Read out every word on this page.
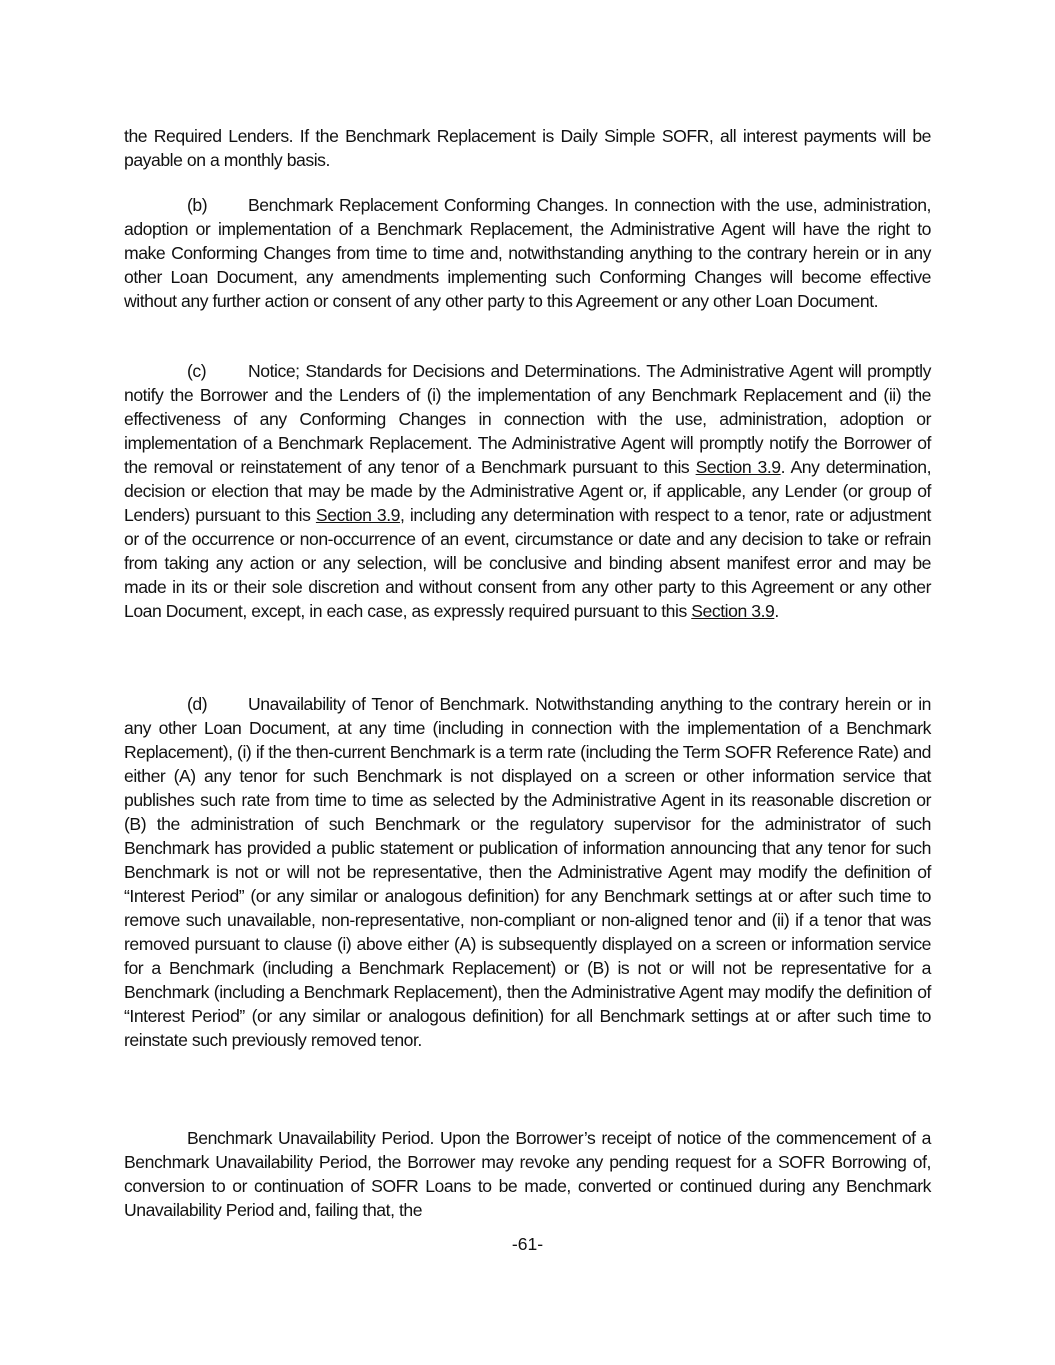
the Required Lenders. If the Benchmark Replacement is Daily Simple SOFR, all interest payments will be payable on a monthly basis.

(b) Benchmark Replacement Conforming Changes. In connection with the use, administration, adoption or implementation of a Benchmark Replacement, the Administrative Agent will have the right to make Conforming Changes from time to time and, notwithstanding anything to the contrary herein or in any other Loan Document, any amendments implementing such Conforming Changes will become effective without any further action or consent of any other party to this Agreement or any other Loan Document.

(c) Notice; Standards for Decisions and Determinations. The Administrative Agent will promptly notify the Borrower and the Lenders of (i) the implementation of any Benchmark Replacement and (ii) the effectiveness of any Conforming Changes in connection with the use, administration, adoption or implementation of a Benchmark Replacement. The Administrative Agent will promptly notify the Borrower of the removal or reinstatement of any tenor of a Benchmark pursuant to this Section 3.9. Any determination, decision or election that may be made by the Administrative Agent or, if applicable, any Lender (or group of Lenders) pursuant to this Section 3.9, including any determination with respect to a tenor, rate or adjustment or of the occurrence or non-occurrence of an event, circumstance or date and any decision to take or refrain from taking any action or any selection, will be conclusive and binding absent manifest error and may be made in its or their sole discretion and without consent from any other party to this Agreement or any other Loan Document, except, in each case, as expressly required pursuant to this Section 3.9.

(d) Unavailability of Tenor of Benchmark. Notwithstanding anything to the contrary herein or in any other Loan Document, at any time (including in connection with the implementation of a Benchmark Replacement), (i) if the then-current Benchmark is a term rate (including the Term SOFR Reference Rate) and either (A) any tenor for such Benchmark is not displayed on a screen or other information service that publishes such rate from time to time as selected by the Administrative Agent in its reasonable discretion or (B) the administration of such Benchmark or the regulatory supervisor for the administrator of such Benchmark has provided a public statement or publication of information announcing that any tenor for such Benchmark is not or will not be representative, then the Administrative Agent may modify the definition of “Interest Period” (or any similar or analogous definition) for any Benchmark settings at or after such time to remove such unavailable, non-representative, non-compliant or non-aligned tenor and (ii) if a tenor that was removed pursuant to clause (i) above either (A) is subsequently displayed on a screen or information service for a Benchmark (including a Benchmark Replacement) or (B) is not or will not be representative for a Benchmark (including a Benchmark Replacement), then the Administrative Agent may modify the definition of “Interest Period” (or any similar or analogous definition) for all Benchmark settings at or after such time to reinstate such previously removed tenor.

Benchmark Unavailability Period. Upon the Borrower’s receipt of notice of the commencement of a Benchmark Unavailability Period, the Borrower may revoke any pending request for a SOFR Borrowing of, conversion to or continuation of SOFR Loans to be made, converted or continued during any Benchmark Unavailability Period and, failing that, the

-61-
